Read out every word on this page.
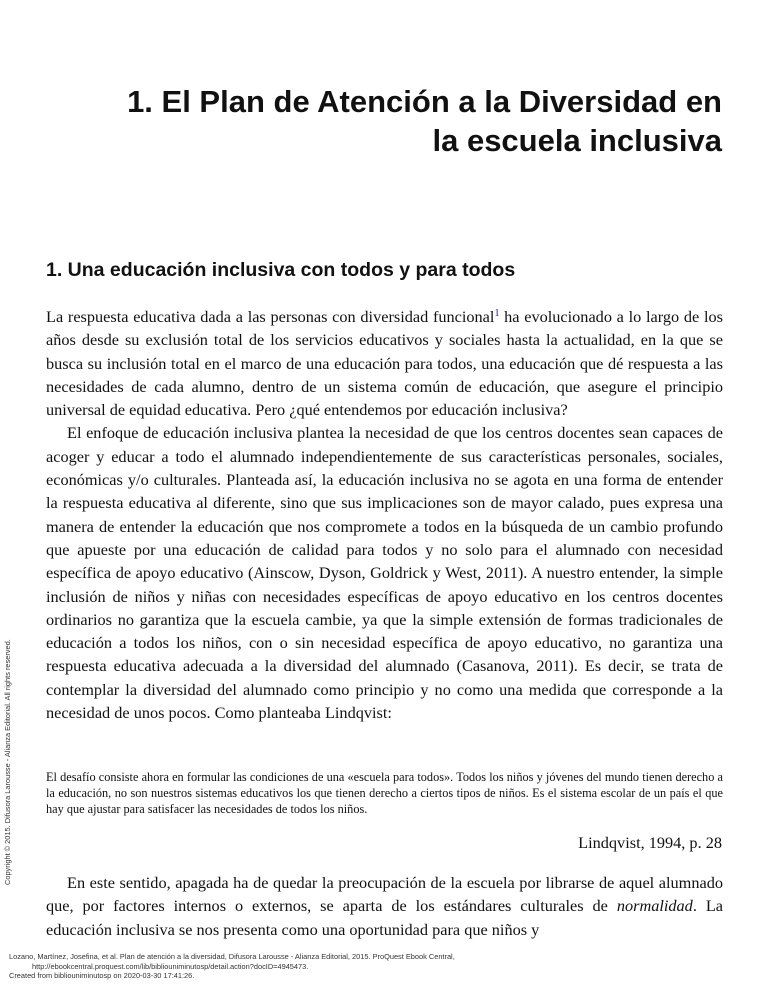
1. El Plan de Atención a la Diversidad en
la escuela inclusiva
1. Una educación inclusiva con todos y para todos

La respuesta educativa dada a las personas con diversidad funcional$^1$ ha evolucionado a lo largo de los años desde su exclusión total de los servicios educativos y sociales hasta la actualidad, en la que se busca su inclusión total en el marco de una educación para todos, una educación que dé respuesta a las necesidades de cada alumno, dentro de un sistema común de educación, que asegure el principio universal de equidad educativa. Pero ¿qué entendemos por educación inclusiva?

El enfoque de educación inclusiva plantea la necesidad de que los centros docentes sean capaces de acoger y educar a todo el alumnado independientemente de sus características personales, sociales, económicas y/o culturales. Planteada así, la educación inclusiva no se agota en una forma de entender la respuesta educativa al diferente, sino que sus implicaciones son de mayor calado, pues expresa una manera de entender la educación que nos compromete a todos en la búsqueda de un cambio profundo que apueste por una educación de calidad para todos y no solo para el alumnado con necesidad específica de apoyo educativo (Ainscow, Dyson, Goldrick y West, 2011). A nuestro entender, la simple inclusión de niños y niñas con necesidades específicas de apoyo educativo en los centros docentes ordinarios no garantiza que la escuela cambie, ya que la simple extensión de formas tradicionales de educación a todos los niños, con o sin necesidad específica de apoyo educativo, no garantiza una respuesta educativa adecuada a la diversidad del alumnado (Casanova, 2011). Es decir, se trata de contemplar la diversidad del alumnado como principio y no como una medida que corresponde a la necesidad de unos pocos. Como planteaba Lindqvist:

El desafío consiste ahora en formular las condiciones de una «escuela para todos». Todos los niños y jóvenes del mundo tienen derecho a la educación, no son nuestros sistemas educativos los que tienen derecho a ciertos tipos de niños. Es el sistema escolar de un país el que hay que ajustar para satisfacer las necesidades de todos los niños.

Lindqvist, 1994, p. 28

En este sentido, apagada ha de quedar la preocupación de la escuela por librarse de aquel alumnado que, por factores internos o externos, se aparta de los estándares culturales de normalidad. La educación inclusiva se nos presenta como una oportunidad para que niños y

Copyright © 2015. Difusora Larousse - Alianza Editorial. All rights reserved.
Lozano, Martínez, Josefina, et al. Plan de atención a la diversidad, Difusora Larousse - Alianza Editorial, 2015. ProQuest Ebook Central,
http://ebookcentral.proquest.com/lib/bibliouniminutosp/detail.action?docID=4945473.
Created from bibliouniminutosp on 2020-03-30 17:41:26.
